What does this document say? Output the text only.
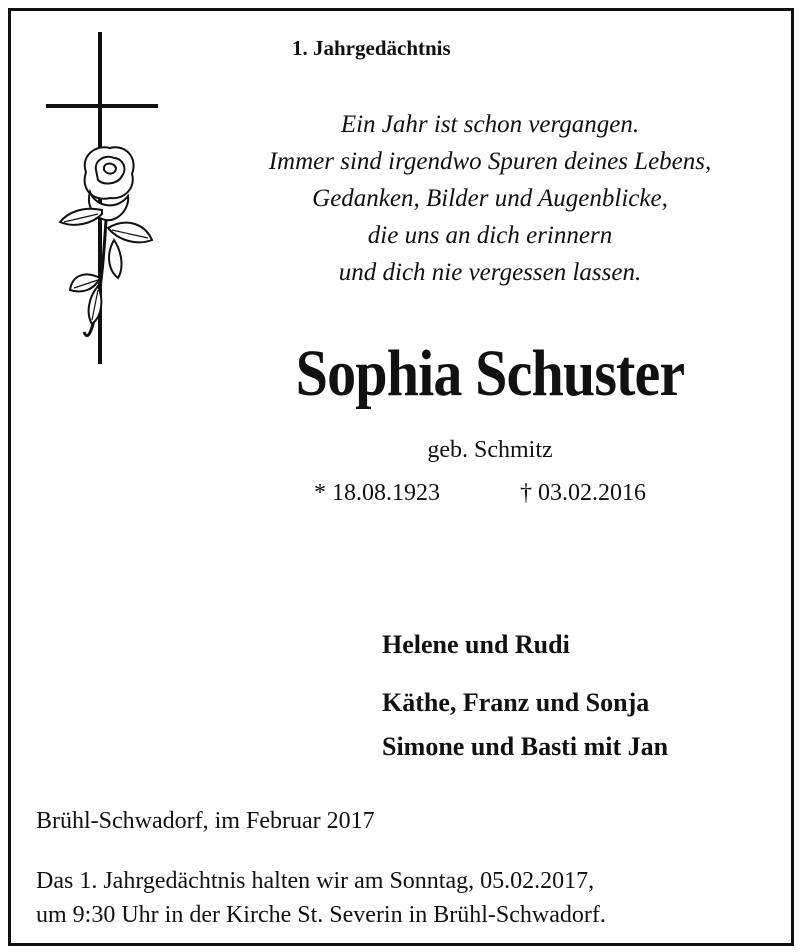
1. Jahrgedächtnis
Ein Jahr ist schon vergangen.
Immer sind irgendwo Spuren deines Lebens,
Gedanken, Bilder und Augenblicke,
die uns an dich erinnern
und dich nie vergessen lassen.
Sophia Schuster
geb. Schmitz
* 18.08.1923	† 03.02.2016
Helene und Rudi
Käthe, Franz und Sonja
Simone und Basti mit Jan
Brühl-Schwadorf, im Februar 2017
Das 1. Jahrgedächtnis halten wir am Sonntag, 05.02.2017,
um 9:30 Uhr in der Kirche St. Severin in Brühl-Schwadorf.
